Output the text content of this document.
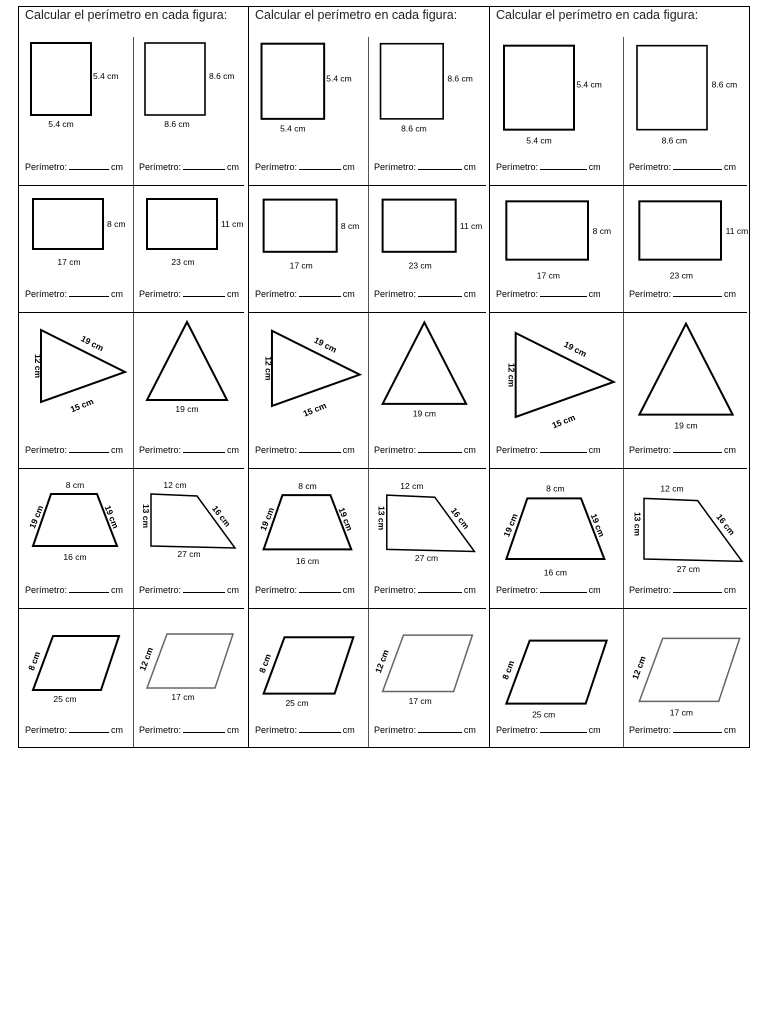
Calcular el perímetro en cada figura:
5.4 cm
5.4 cm
Perímetro:	cm
8.6 cm
8.6 cm
Perímetro:	cm
8 cm
17 cm
Perímetro:	cm
11 cm
23 cm
Perímetro:	cm
12 cm
19 cm
15 cm
Perímetro:	cm
19 cm
Perímetro:	cm
8 cm
19 cm	19 cm
16 cm
Perímetro:	cm
12 cm
13 cm	16 cm
27 cm
Perímetro:	cm
8 cm
25 cm
Perímetro:	cm
12 cm
17 cm
Perímetro:	cm
Calcular el perímetro en cada figura:
5.4 cm
5.4 cm
Perímetro:	cm
8.6 cm
8.6 cm
Perímetro:	cm
8 cm
17 cm
Perímetro:	cm
11 cm
23 cm
Perímetro:	cm
12 cm
19 cm
15 cm
Perímetro:	cm
19 cm
Perímetro:	cm
8 cm
19 cm	19 cm
16 cm
Perímetro:	cm
12 cm
13 cm	16 cm
27 cm
Perímetro:	cm
8 cm
25 cm
Perímetro:	cm
12 cm
17 cm
Perímetro:	cm
Calcular el perímetro en cada figura:
5.4 cm
5.4 cm
Perímetro:	cm
8.6 cm
8.6 cm
Perímetro:	cm
8 cm
17 cm
Perímetro:	cm
11 cm
23 cm
Perímetro:	cm
12 cm
19 cm
15 cm
Perímetro:	cm
19 cm
Perímetro:	cm
8 cm
19 cm	19 cm
16 cm
Perímetro:	cm
12 cm
13 cm	16 cm
27 cm
Perímetro:	cm
8 cm
25 cm
Perímetro:	cm
12 cm
17 cm
Perímetro:	cm
